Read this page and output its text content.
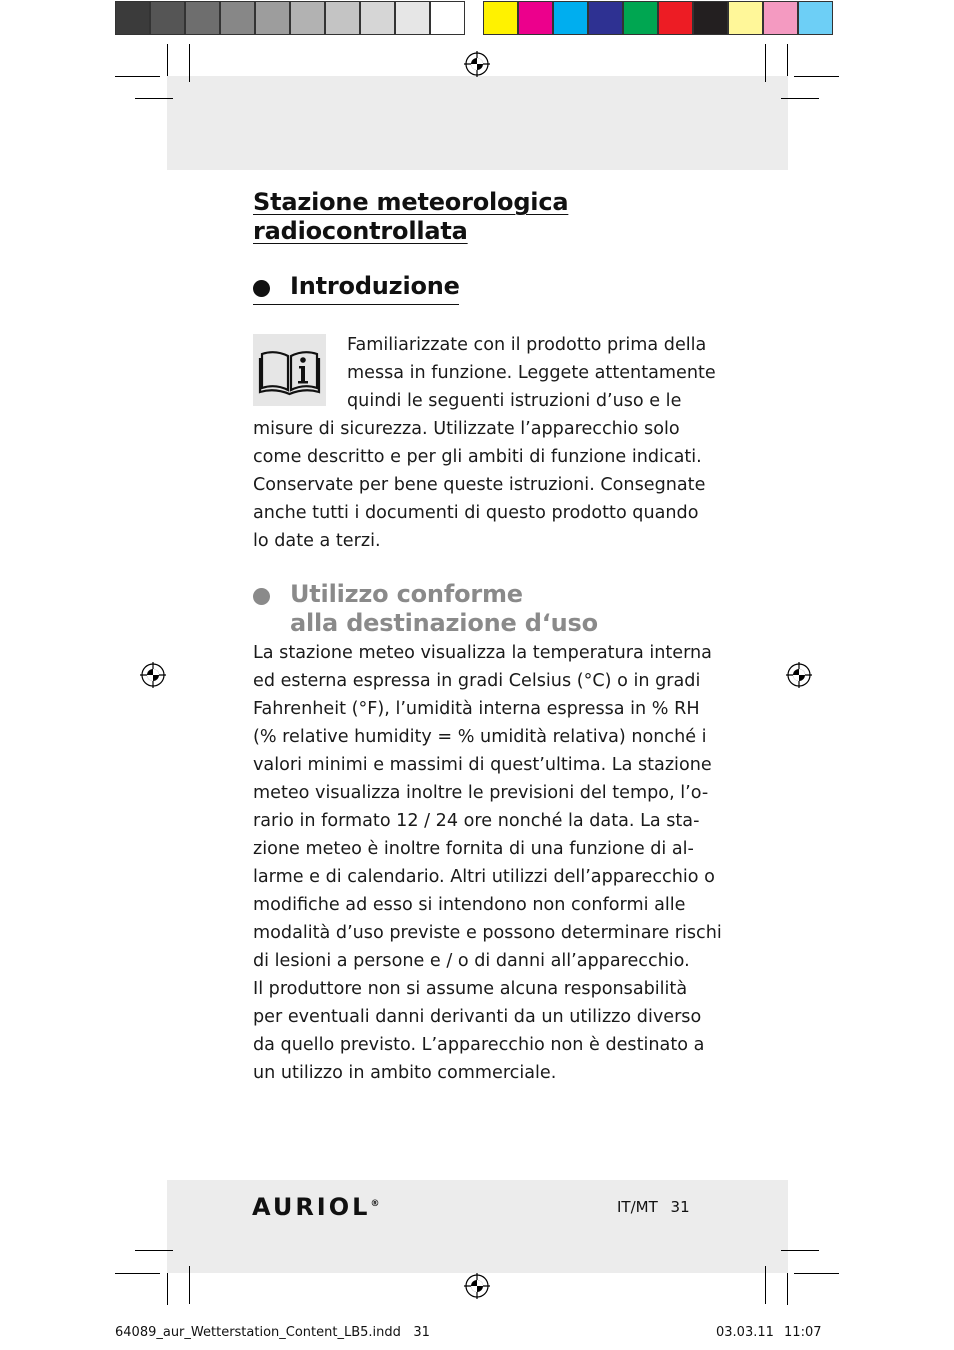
Stazione meteorologica
radiocontrollata
Introduzione
Familiarizzate con il prodotto prima della
messa in funzione. Leggete attentamente
quindi le seguenti istruzioni d’uso e le
misure di sicurezza. Utilizzate l’apparecchio solo
come descritto e per gli ambiti di funzione indicati.
Conservate per bene queste istruzioni. Consegnate
anche tutti i documenti di questo prodotto quando
lo date a terzi.
Utilizzo conforme
alla destinazione d‘uso
La stazione meteo visualizza la temperatura interna
ed esterna espressa in gradi Celsius (°C) o in gradi
Fahrenheit (°F), l’umidità interna espressa in % RH
(% relative humidity = % umidità relativa) nonché i
valori minimi e massimi di quest’ultima. La stazione
meteo visualizza inoltre le previsioni del tempo, l’o-
rario in formato 12 / 24 ore nonché la data. La sta-
zione meteo è inoltre fornita di una funzione di al-
larme e di calendario. Altri utilizzi dell’apparecchio o
modifiche ad esso si intendono non conformi alle
modalità d’uso previste e possono determinare rischi
di lesioni a persone e / o di danni all’apparecchio.
Il produttore non si assume alcuna responsabilità
per eventuali danni derivanti da un utilizzo diverso
da quello previsto. L’apparecchio non è destinato a
un utilizzo in ambito commerciale.
AURIOL®	IT/MT 31
64089_aur_Wetterstation_Content_LB5.indd 31	03.03.11 11:07
